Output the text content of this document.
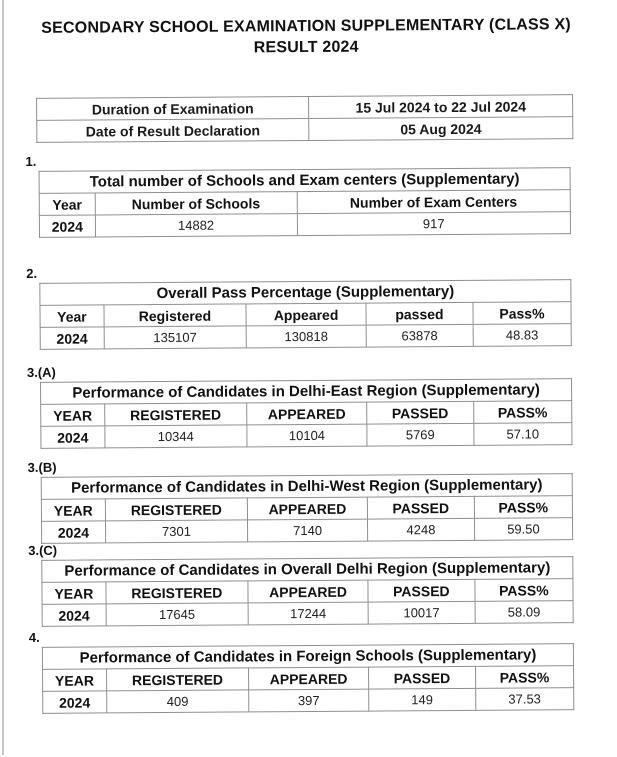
SECONDARY SCHOOL EXAMINATION SUPPLEMENTARY (CLASS X)
RESULT 2024
Duration of Examination	15 Jul 2024 to 22 Jul 2024
Date of Result Declaration	05 Aug 2024
1.
Total number of Schools and Exam centers (Supplementary)		
Year	Number of Schools	Number of Exam Centers
2024	14882	917
2.
Overall Pass Percentage (Supplementary)				
Year	Registered	Appeared	passed	Pass%
2024	135107	130818	63878	48.83
3.(A)
Performance of Candidates in Delhi-East Region (Supplementary)				
YEAR	REGISTERED	APPEARED	PASSED	PASS%
2024	10344	10104	5769	57.10
3.(B)
Performance of Candidates in Delhi-West Region (Supplementary)				
YEAR	REGISTERED	APPEARED	PASSED	PASS%
2024	7301	7140	4248	59.50
3.(C)
Performance of Candidates in Overall Delhi Region (Supplementary)				
YEAR	REGISTERED	APPEARED	PASSED	PASS%
2024	17645	17244	10017	58.09
4.
Performance of Candidates in Foreign Schools (Supplementary)				
YEAR	REGISTERED	APPEARED	PASSED	PASS%
2024	409	397	149	37.53
